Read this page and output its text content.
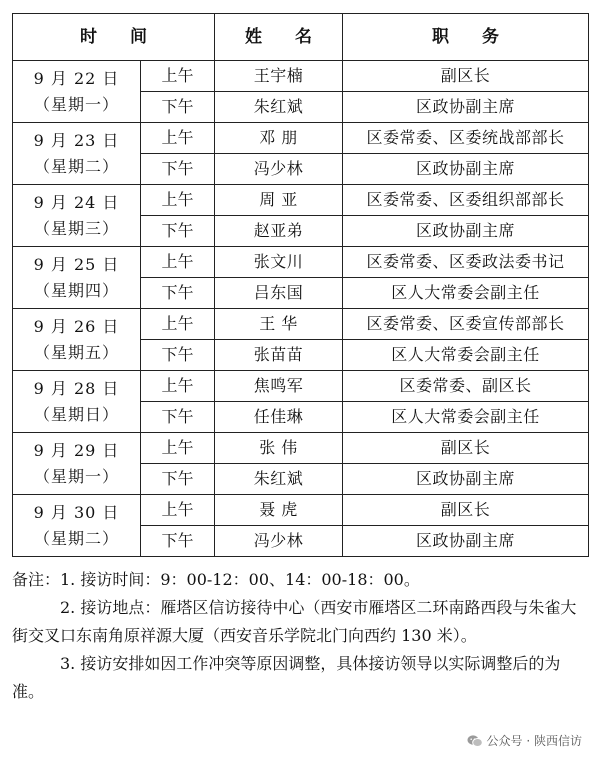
时 间		姓 名	职 务

9 月 22 日
（星期一）	上午	王宇楠	副区长
	下午	朱红斌	区政协副主席

9 月 23 日
（星期二）	上午	邓 朋	区委常委、区委统战部部长
	下午	冯少林	区政协副主席

9 月 24 日
（星期三）	上午	周 亚	区委常委、区委组织部部长
	下午	赵亚弟	区政协副主席

9 月 25 日
（星期四）	上午	张文川	区委常委、区委政法委书记
	下午	吕东国	区人大常委会副主任

9 月 26 日
（星期五）	上午	王 华	区委常委、区委宣传部部长
	下午	张苗苗	区人大常委会副主任

9 月 28 日
（星期日）	上午	焦鸣军	区委常委、副区长
	下午	任佳琳	区人大常委会副主任

9 月 29 日
（星期一）	上午	张 伟	副区长
	下午	朱红斌	区政协副主席

9 月 30 日
（星期二）	上午	聂 虎	副区长
	下午	冯少林	区政协副主席

备注：1. 接访时间：9：00-12：00、14：00-18：00。

2. 接访地点：雁塔区信访接待中心（西安市雁塔区二环南路西段与朱雀大街交叉口东南角原祥源大厦（西安音乐学院北门向西约 130 米）。

3. 接访安排如因工作冲突等原因调整，具体接访领导以实际调整后的为准。

公众号 · 陕西信访
